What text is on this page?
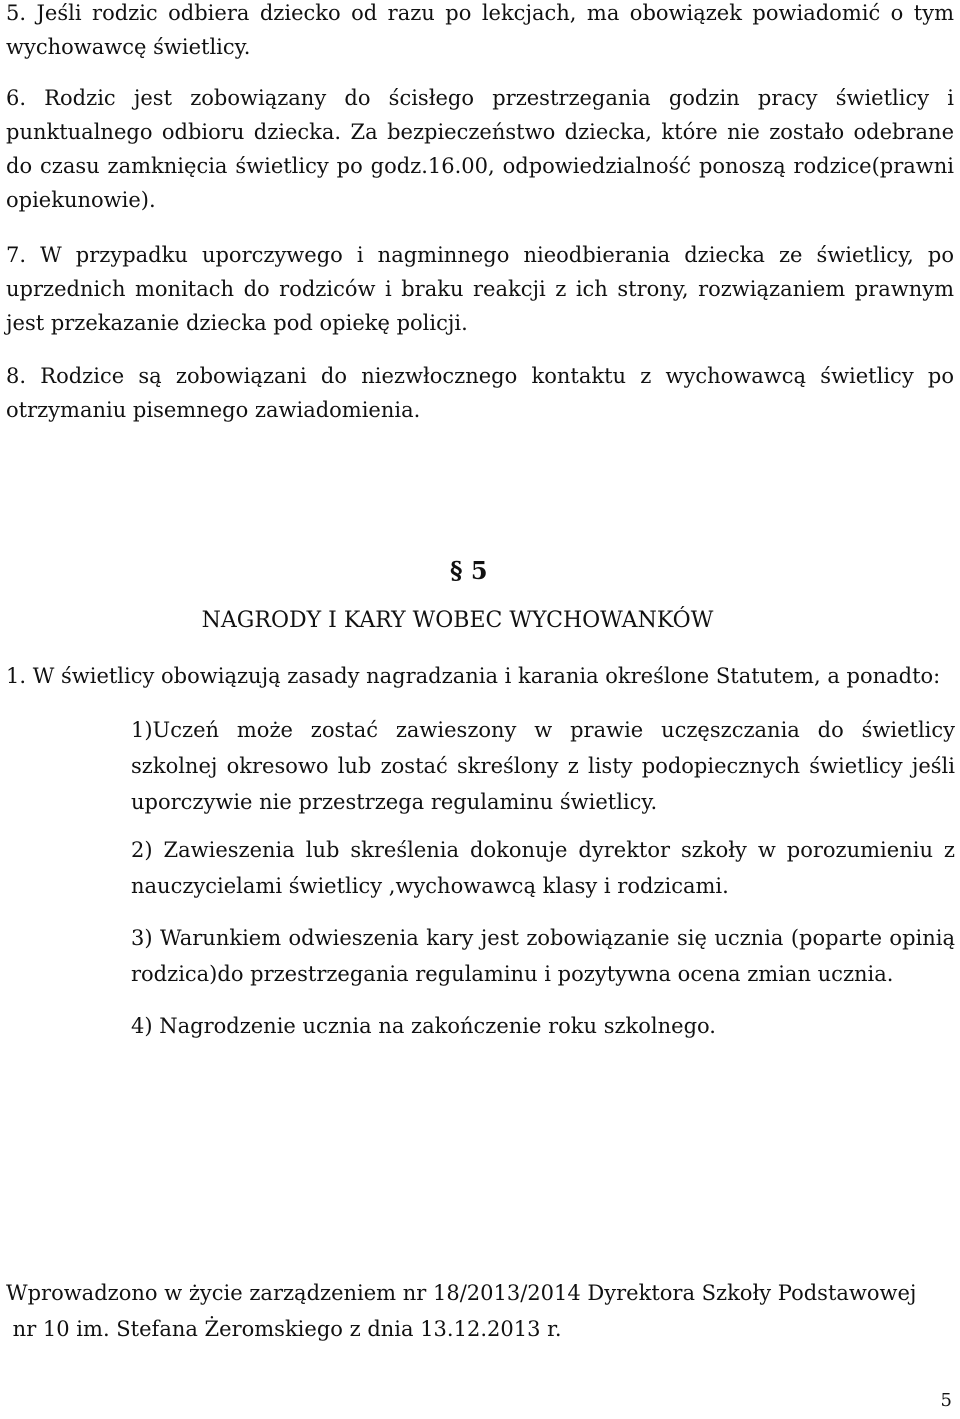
5. Jeśli rodzic odbiera dziecko od razu po lekcjach, ma obowiązek powiadomić o tym wychowawcę świetlicy.

6. Rodzic jest zobowiązany do ścisłego przestrzegania godzin pracy świetlicy i punktualnego odbioru dziecka. Za bezpieczeństwo dziecka, które nie zostało odebrane do czasu zamknięcia świetlicy po godz.16.00, odpowiedzialność ponoszą rodzice(prawni opiekunowie).

7. W przypadku uporczywego i nagminnego nieodbierania dziecka ze świetlicy, po uprzednich monitach do rodziców i braku reakcji z ich strony, rozwiązaniem prawnym jest przekazanie dziecka pod opiekę policji.

8. Rodzice są zobowiązani do niezwłocznego kontaktu z wychowawcą świetlicy po otrzymaniu pisemnego zawiadomienia.

§ 5
NAGRODY I KARY WOBEC WYCHOWANKÓW

1. W świetlicy obowiązują zasady nagradzania i karania określone Statutem, a ponadto:

1)Uczeń może zostać zawieszony w prawie uczęszczania do świetlicy szkolnej okresowo lub zostać skreślony z listy podopiecznych świetlicy jeśli uporczywie nie przestrzega regulaminu świetlicy.

2) Zawieszenia lub skreślenia dokonuje dyrektor szkoły w porozumieniu z nauczycielami świetlicy ,wychowawcą klasy i rodzicami.

3) Warunkiem odwieszenia kary jest zobowiązanie się ucznia (poparte opinią rodzica)do przestrzegania regulaminu i pozytywna ocena zmian ucznia.

4) Nagrodzenie ucznia na zakończenie roku szkolnego.

Wprowadzono w życie zarządzeniem nr 18/2013/2014 Dyrektora Szkoły Podstawowej
nr 10 im. Stefana Żeromskiego z dnia 13.12.2013 r.

5
